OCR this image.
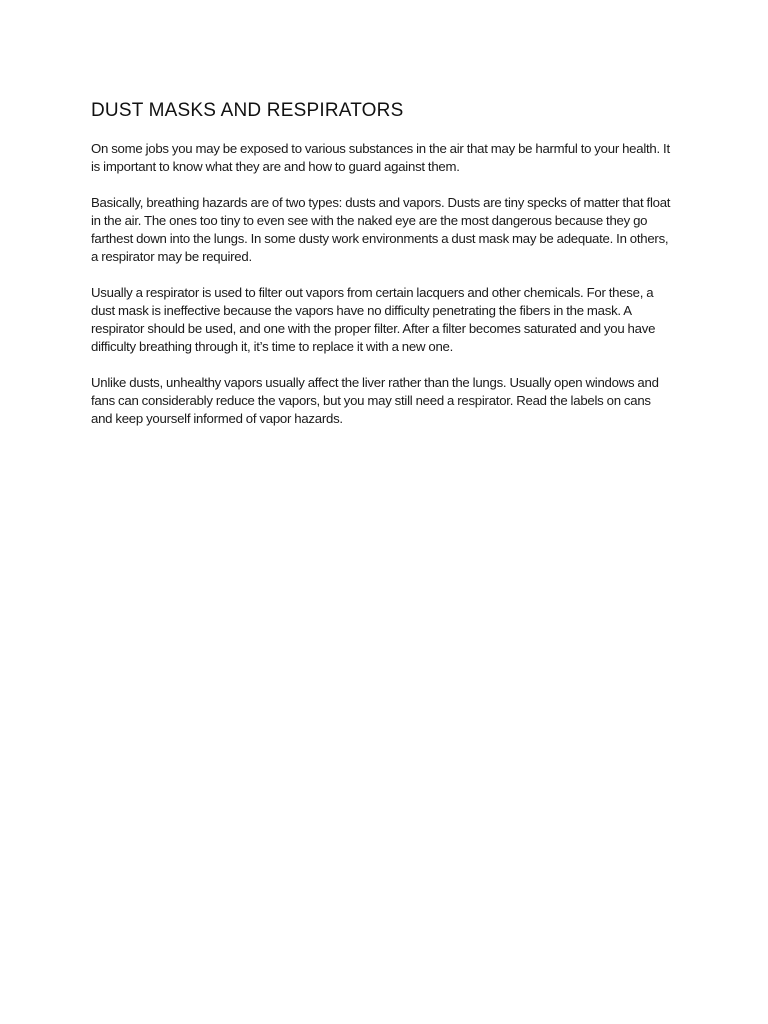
DUST MASKS AND RESPIRATORS

On some jobs you may be exposed to various substances in the air that may be harmful to your health. It is important to know what they are and how to guard against them.

Basically, breathing hazards are of two types: dusts and vapors. Dusts are tiny specks of matter that float in the air. The ones too tiny to even see with the naked eye are the most dangerous because they go farthest down into the lungs. In some dusty work environments a dust mask may be adequate. In others, a respirator may be required.

Usually a respirator is used to filter out vapors from certain lacquers and other chemicals. For these, a dust mask is ineffective because the vapors have no difficulty penetrating the fibers in the mask. A respirator should be used, and one with the proper filter. After a filter becomes saturated and you have difficulty breathing through it, it’s time to replace it with a new one.

Unlike dusts, unhealthy vapors usually affect the liver rather than the lungs. Usually open windows and fans can considerably reduce the vapors, but you may still need a respirator. Read the labels on cans and keep yourself informed of vapor hazards.
